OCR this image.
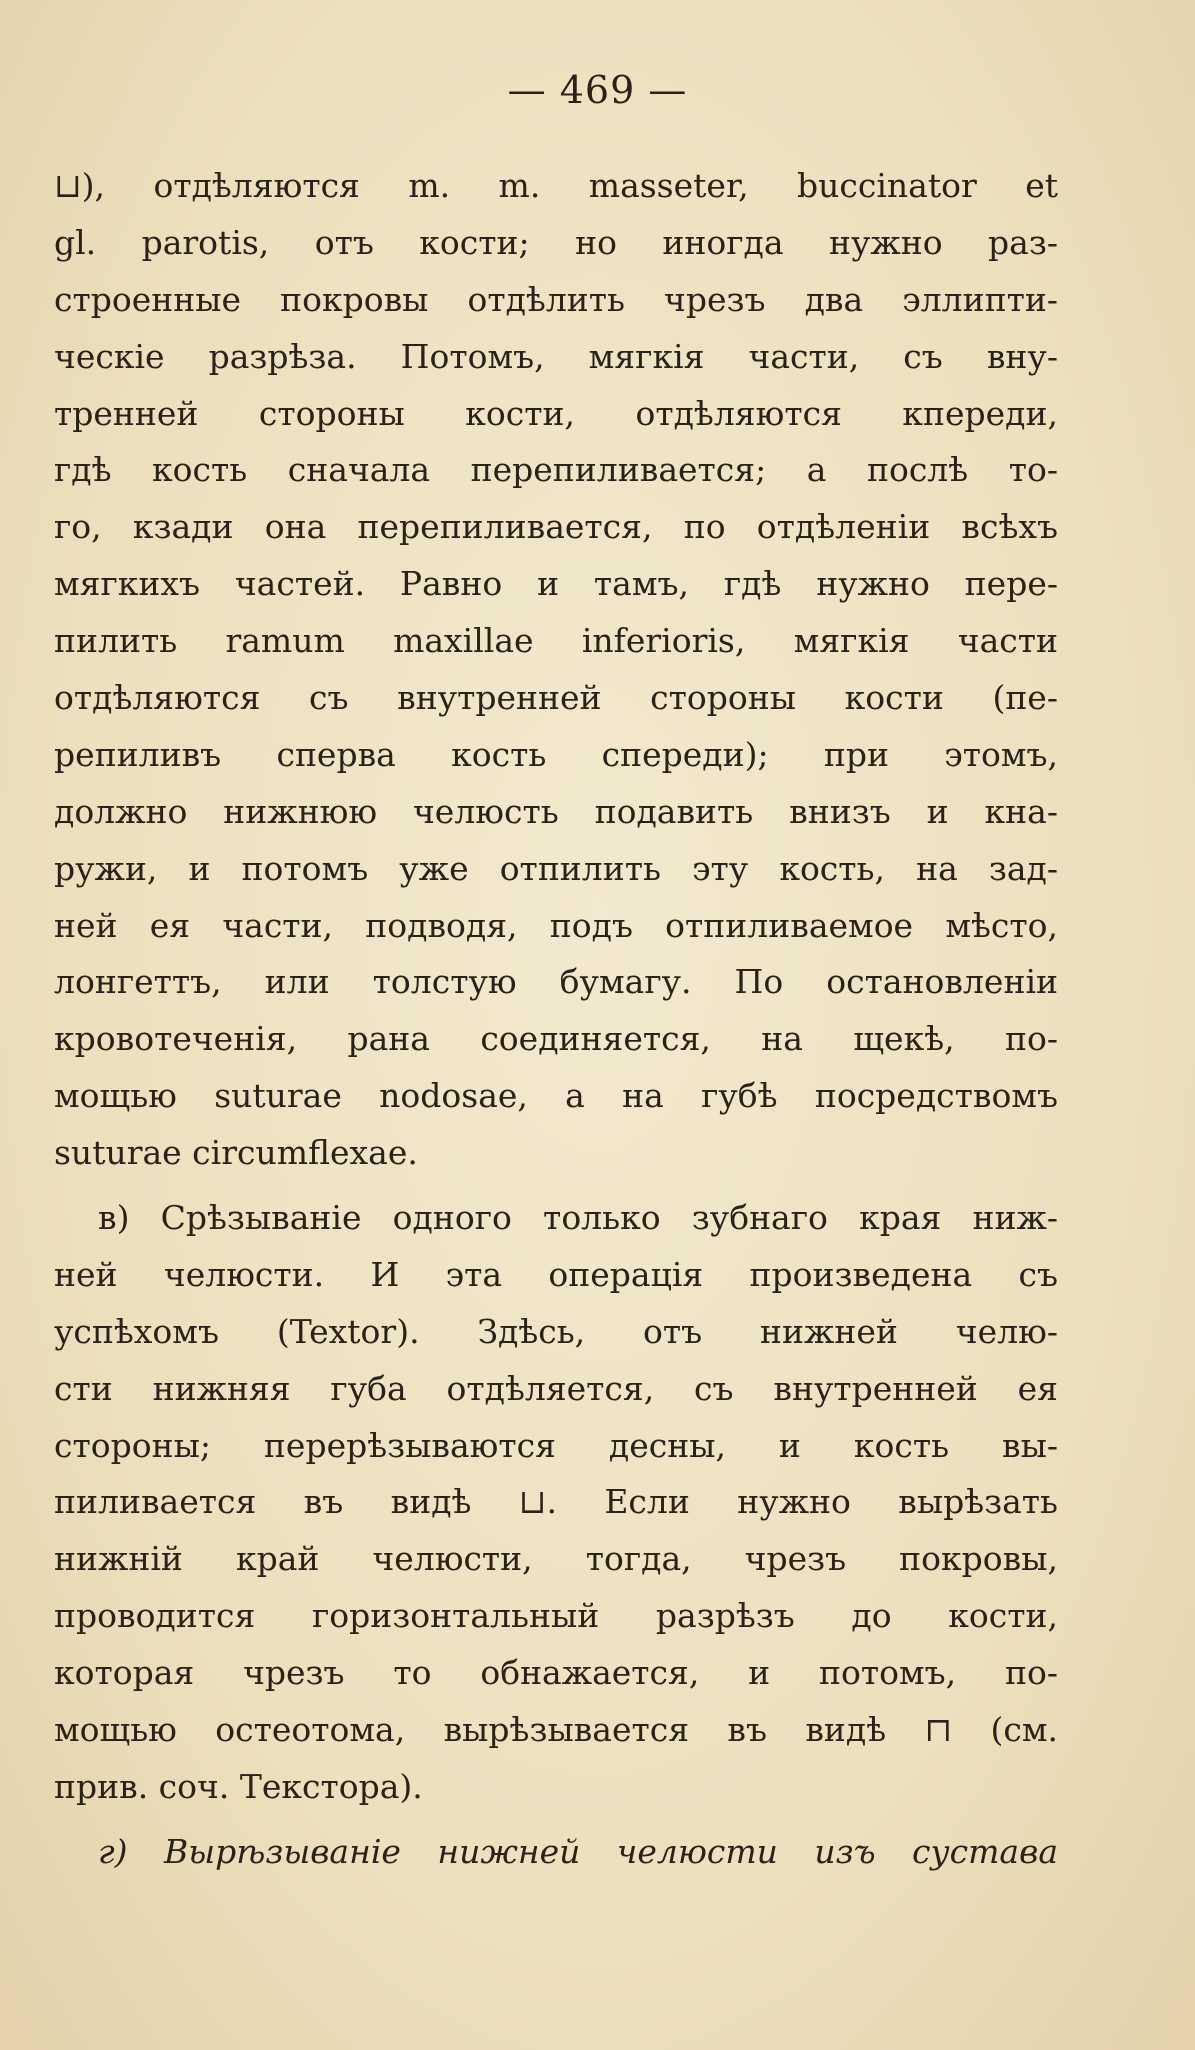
— 469 —
⊔), отдѣляются m. m. masseter, buccinator et
gl. parotis, отъ кости; но иногда нужно раз-
строенные покровы отдѣлить чрезъ два эллипти-
ческіе разрѣза. Потомъ, мягкія части, съ вну-
тренней стороны кости, отдѣляются кпереди,
гдѣ кость сначала перепиливается; а послѣ то-
го, кзади она перепиливается, по отдѣленіи всѣхъ
мягкихъ частей. Равно и тамъ, гдѣ нужно пере-
пилить ramum maxillae inferioris, мягкія части
отдѣляются съ внутренней стороны кости (пе-
репиливъ сперва кость спереди); при этомъ,
должно нижнюю челюсть подавить внизъ и кна-
ружи, и потомъ уже отпилить эту кость, на зад-
ней ея части, подводя, подъ отпиливаемое мѣсто,
лонгеттъ, или толстую бумагу. По остановленіи
кровотеченія, рана соединяется, на щекѣ, по-
мощью suturae nodosae, а на губѣ посредствомъ
suturae circumflexae.
в) Срѣзываніе одного только зубнаго края ниж-
ней челюсти. И эта операція произведена съ
успѣхомъ (Textor). Здѣсь, отъ нижней челю-
сти нижняя губа отдѣляется, съ внутренней ея
стороны; перерѣзываются десны, и кость вы-
пиливается въ видѣ ⊔. Если нужно вырѣзать
нижній край челюсти, тогда, чрезъ покровы,
проводится горизонтальный разрѣзъ до кости,
которая чрезъ то обнажается, и потомъ, по-
мощью остеотома, вырѣзывается въ видѣ ⊓ (см.
прив. соч. Текстора).
г) Вырѣзываніе нижней челюсти изъ сустава
